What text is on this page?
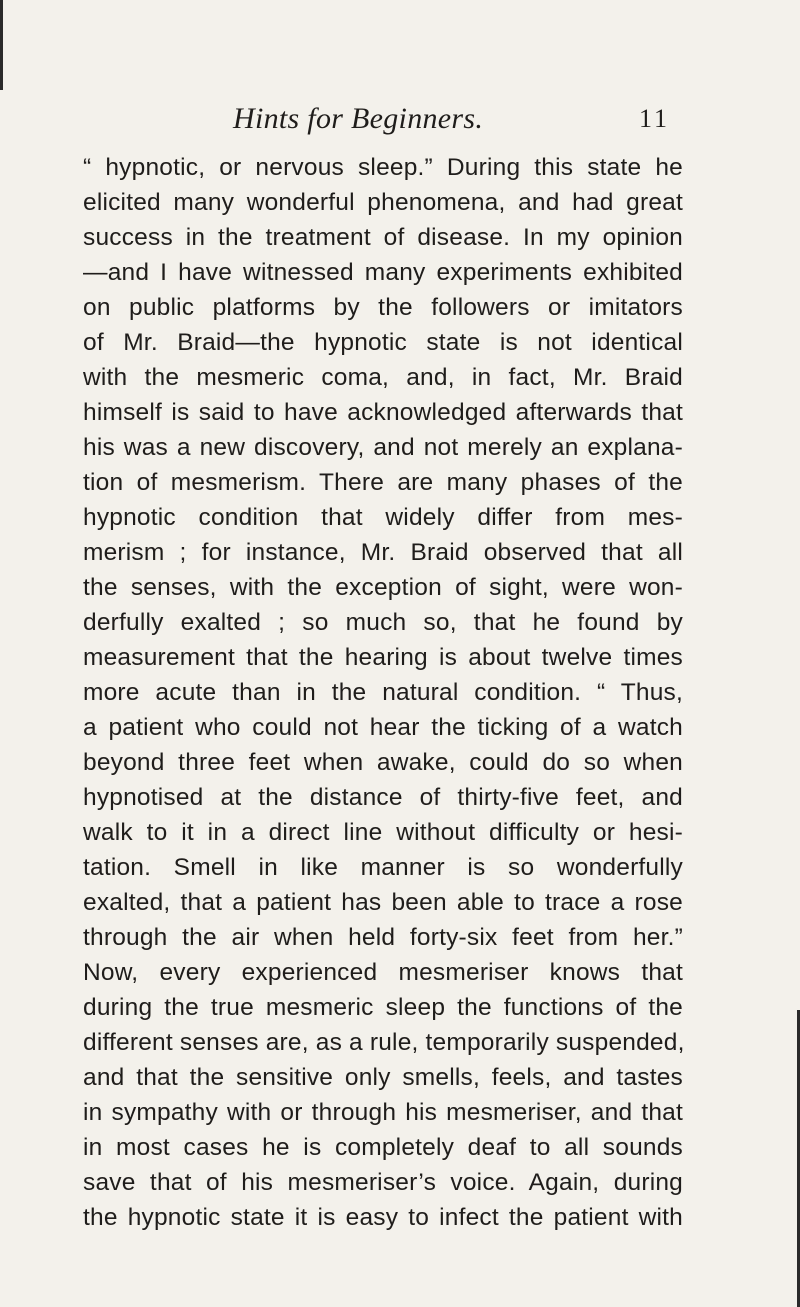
Hints for Beginners.	11
“ hypnotic, or nervous sleep.” During this state he
elicited many wonderful phenomena, and had great
success in the treatment of disease. In my opinion
—and I have witnessed many experiments exhibited
on public platforms by the followers or imitators
of Mr. Braid—the hypnotic state is not identical
with the mesmeric coma, and, in fact, Mr. Braid
himself is said to have acknowledged afterwards that
his was a new discovery, and not merely an explana-
tion of mesmerism. There are many phases of the
hypnotic condition that widely differ from mes-
merism ; for instance, Mr. Braid observed that all
the senses, with the exception of sight, were won-
derfully exalted ; so much so, that he found by
measurement that the hearing is about twelve times
more acute than in the natural condition. “ Thus,
a patient who could not hear the ticking of a watch
beyond three feet when awake, could do so when
hypnotised at the distance of thirty-five feet, and
walk to it in a direct line without difficulty or hesi-
tation. Smell in like manner is so wonderfully
exalted, that a patient has been able to trace a rose
through the air when held forty-six feet from her.”
Now, every experienced mesmeriser knows that
during the true mesmeric sleep the functions of the
different senses are, as a rule, temporarily suspended,
and that the sensitive only smells, feels, and tastes
in sympathy with or through his mesmeriser, and that
in most cases he is completely deaf to all sounds
save that of his mesmeriser’s voice. Again, during
the hypnotic state it is easy to infect the patient with
